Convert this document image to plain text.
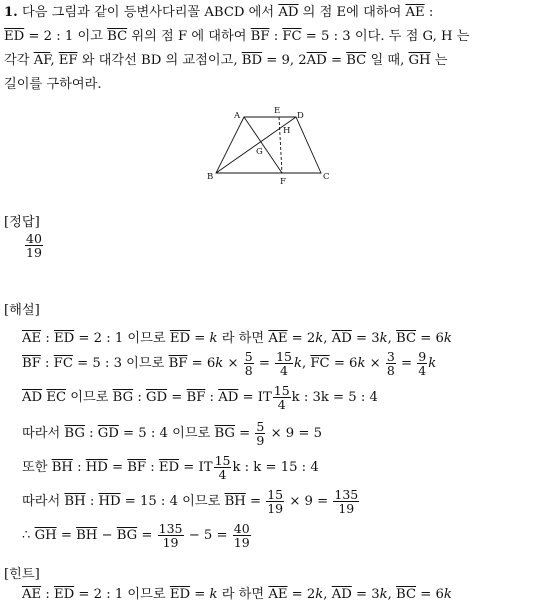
1. 다음 그림과 같이 등변사다리꼴 ABCD 에서 $\overline{AD}$ 의 점 E에 대하여 $\overline{AE}$ :
$\overline{ED} = 2$ : 1 이고 $\overline{BC}$ 위의 점 F 에 대하여 $\overline{BF}$ : $\overline{FC} = 5$ : 3 이다. 두 점 G, H 는
각각 $\overline{AF}$, $\overline{EF}$ 와 대각선 BD 의 교점이고, $\overline{BD} = 9$, $2\overline{AD} = \overline{BC}$ 일 때, $\overline{GH}$ 는
길이를 구하여라.
A	E D
H
G
B	F	C
[정답]
$\frac{40}{19}$
[해설]
$\overline{AE}$ : $\overline{ED} = 2$ : 1 이므로 $\overline{ED} = k$ 라 하면 $\overline{AE} = 2k$, $\overline{AD} = 3k$, $\overline{BC} = 6k$
$\overline{BF}$ : $\overline{FC} = 5$ : 3 이므로 $\overline{BF} = 6k \times \frac{5}{8} = \frac{15}{4} k$, $\overline{FC} = 6k \times \frac{3}{8} = \frac{9}{4}$ k
$\overline{AD}$ $\overline{EC}$ 이므로 $\overline{BG}$ : $\overline{GD} = \overline{BF}$ : $\overline{AD}$ = IT $\frac{15}{4}$ k : 3k = 5 : 4
따라서 $\overline{BG}$ : $\overline{GD} = 5$ : 4 이므로 $\overline{BG} = \frac{5}{9} \times 9 = 5$
또한 $\overline{BH}$ : $\overline{HD} = \overline{BF}$ : $\overline{ED}$ = IT $\frac{15}{4}$ k : k = 15 : 4
따라서 $\overline{BH}$ : $\overline{HD} = 15$ : 4 이므로 $\overline{BH} = \frac{15}{19} \times 9 = \frac{135}{19}$
∴ $\overline{GH} = \overline{BH} - \overline{BG} = \frac{135}{19} - 5 = \frac{40}{19}$
[힌트]
$\overline{AE}$ : $\overline{ED} = 2$ : 1 이므로 $\overline{ED} = k$ 라 하면 $\overline{AE} = 2k$, $\overline{AD} = 3k$, $\overline{BC} = 6k$
